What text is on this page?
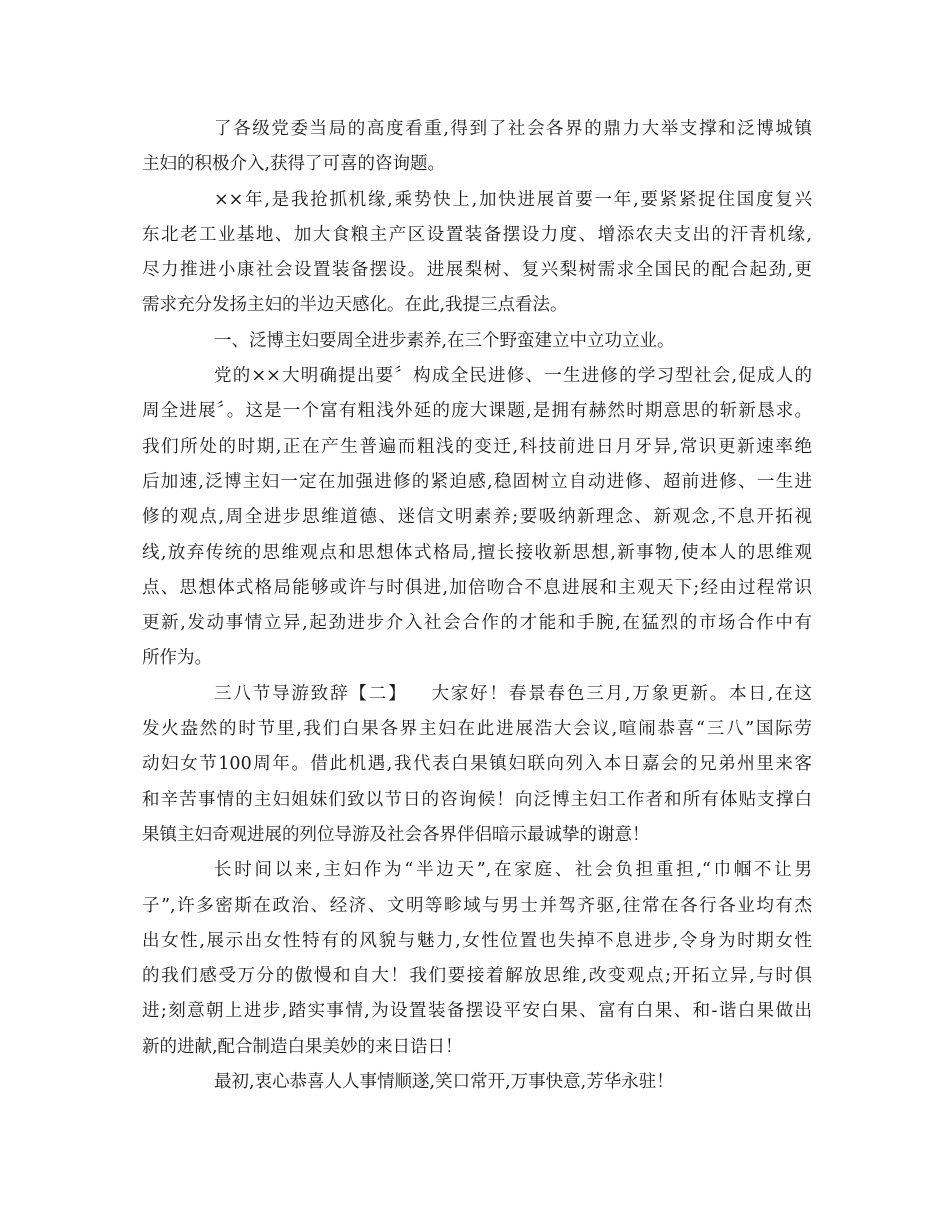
了各级党委当局的高度看重,得到了社会各界的鼎力大举支撑和泛博城镇
主妇的积极介入,获得了可喜的咨询题。
××年,是我抢抓机缘,乘势快上,加快进展首要一年,要紧紧捉住国度复兴
东北老工业基地、加大食粮主产区设置装备摆设力度、增添农夫支出的汗青机缘,
尽力推进小康社会设置装备摆设。进展梨树、复兴梨树需求全国民的配合起劲,更
需求充分发扬主妇的半边天感化。在此,我提三点看法。
一、泛博主妇要周全进步素养,在三个野蛮建立中立功立业。
党的××大明确提出要〞构成全民进修、一生进修的学习型社会,促成人的
周全进展〞。这是一个富有粗浅外延的庞大课题,是拥有赫然时期意思的斩新恳求。
我们所处的时期,正在产生普遍而粗浅的变迁,科技前进日月牙异,常识更新速率绝
后加速,泛博主妇一定在加强进修的紧迫感,稳固树立自动进修、超前进修、一生进
修的观点,周全进步思维道德、迷信文明素养;要吸纳新理念、新观念,不息开拓视
线,放弃传统的思维观点和思想体式格局,擅长接收新思想,新事物,使本人的思维观
点、思想体式格局能够或许与时俱进,加倍吻合不息进展和主观天下;经由过程常识
更新,发动事情立异,起劲进步介入社会合作的才能和手腕,在猛烈的市场合作中有
所作为。
三八节导游致辞【二】 大家好！春景春色三月,万象更新。本日,在这
发火盎然的时节里,我们白果各界主妇在此进展浩大会议,喧闹恭喜“三八”国际劳
动妇女节100周年。借此机遇,我代表白果镇妇联向列入本日嘉会的兄弟州里来客
和辛苦事情的主妇姐妹们致以节日的咨询候！向泛博主妇工作者和所有体贴支撑白
果镇主妇奇观进展的列位导游及社会各界伴侣暗示最诚挚的谢意！
长时间以来,主妇作为“半边天”,在家庭、社会负担重担,“巾帼不让男
子”,许多密斯在政治、经济、文明等畛域与男士并驾齐驱,往常在各行各业均有杰
出女性,展示出女性特有的风貌与魅力,女性位置也失掉不息进步,令身为时期女性
的我们感受万分的傲慢和自大！我们要接着解放思维,改变观点;开拓立异,与时俱
进;刻意朝上进步,踏实事情,为设置装备摆设平安白果、富有白果、和-谐白果做出
新的进献,配合制造白果美妙的来日诰日！
最初,衷心恭喜人人事情顺遂,笑口常开,万事快意,芳华永驻！
